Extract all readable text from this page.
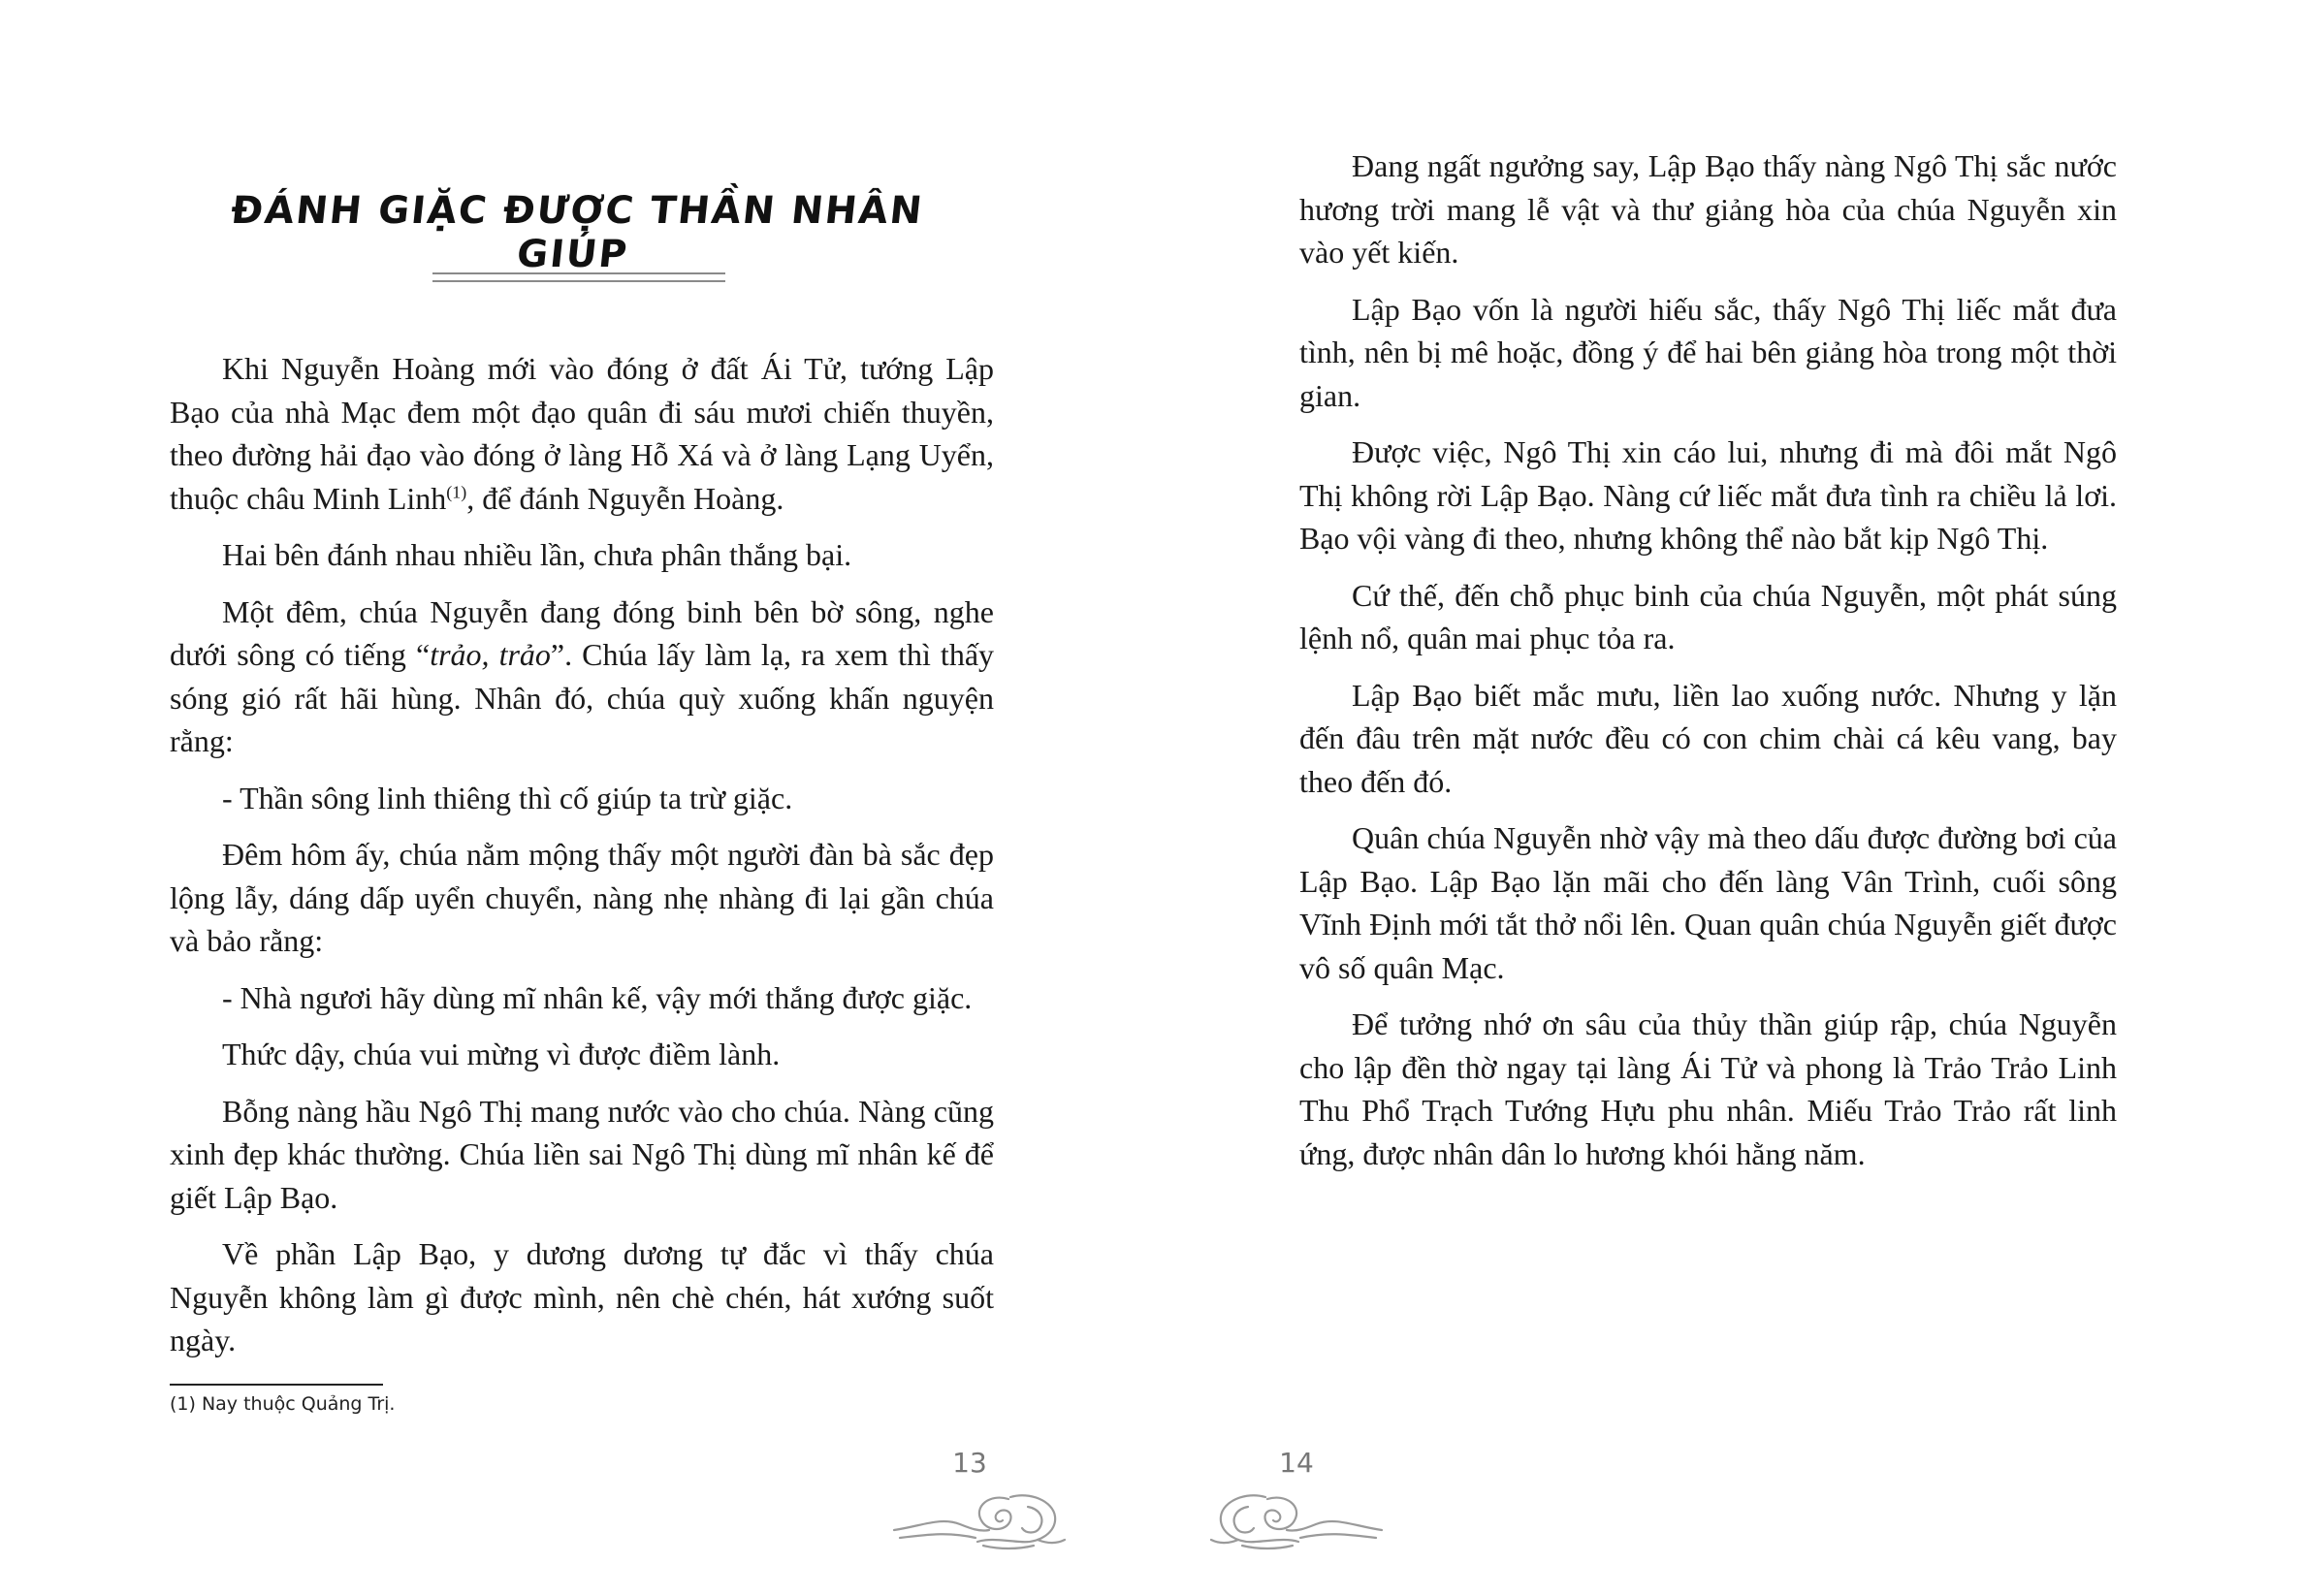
ĐÁNH GIẶC ĐƯỢC THẦN NHÂN GIÚP

Khi Nguyễn Hoàng mới vào đóng ở đất Ái Tử, tướng Lập Bạo của nhà Mạc đem một đạo quân đi sáu mươi chiến thuyền, theo đường hải đạo vào đóng ở làng Hỗ Xá và ở làng Lạng Uyển, thuộc châu Minh Linh$^{(1)}$, để đánh Nguyễn Hoàng.

Hai bên đánh nhau nhiều lần, chưa phân thắng bại.

Một đêm, chúa Nguyễn đang đóng binh bên bờ sông, nghe dưới sông có tiếng “trảo, trảo”. Chúa lấy làm lạ, ra xem thì thấy sóng gió rất hãi hùng. Nhân đó, chúa quỳ xuống khấn nguyện rằng:

- Thần sông linh thiêng thì cố giúp ta trừ giặc.

Đêm hôm ấy, chúa nằm mộng thấy một người đàn bà sắc đẹp lộng lẫy, dáng dấp uyển chuyển, nàng nhẹ nhàng đi lại gần chúa và bảo rằng:

- Nhà ngươi hãy dùng mĩ nhân kế, vậy mới thắng được giặc.

Thức dậy, chúa vui mừng vì được điềm lành.

Bỗng nàng hầu Ngô Thị mang nước vào cho chúa. Nàng cũng xinh đẹp khác thường. Chúa liền sai Ngô Thị dùng mĩ nhân kế để giết Lập Bạo.

Về phần Lập Bạo, y dương dương tự đắc vì thấy chúa Nguyễn không làm gì được mình, nên chè chén, hát xướng suốt ngày.

(1) Nay thuộc Quảng Trị.
13

Đang ngất ngưởng say, Lập Bạo thấy nàng Ngô Thị sắc nước hương trời mang lễ vật và thư giảng hòa của chúa Nguyễn xin vào yết kiến.

Lập Bạo vốn là người hiếu sắc, thấy Ngô Thị liếc mắt đưa tình, nên bị mê hoặc, đồng ý để hai bên giảng hòa trong một thời gian.

Được việc, Ngô Thị xin cáo lui, nhưng đi mà đôi mắt Ngô Thị không rời Lập Bạo. Nàng cứ liếc mắt đưa tình ra chiều lả lơi. Bạo vội vàng đi theo, nhưng không thể nào bắt kịp Ngô Thị.

Cứ thế, đến chỗ phục binh của chúa Nguyễn, một phát súng lệnh nổ, quân mai phục tỏa ra.

Lập Bạo biết mắc mưu, liền lao xuống nước. Nhưng y lặn đến đâu trên mặt nước đều có con chim chài cá kêu vang, bay theo đến đó.

Quân chúa Nguyễn nhờ vậy mà theo dấu được đường bơi của Lập Bạo. Lập Bạo lặn mãi cho đến làng Vân Trình, cuối sông Vĩnh Định mới tắt thở nổi lên. Quan quân chúa Nguyễn giết được vô số quân Mạc.

Để tưởng nhớ ơn sâu của thủy thần giúp rập, chúa Nguyễn cho lập đền thờ ngay tại làng Ái Tử và phong là Trảo Trảo Linh Thu Phổ Trạch Tướng Hựu phu nhân. Miếu Trảo Trảo rất linh ứng, được nhân dân lo hương khói hằng năm.

14
